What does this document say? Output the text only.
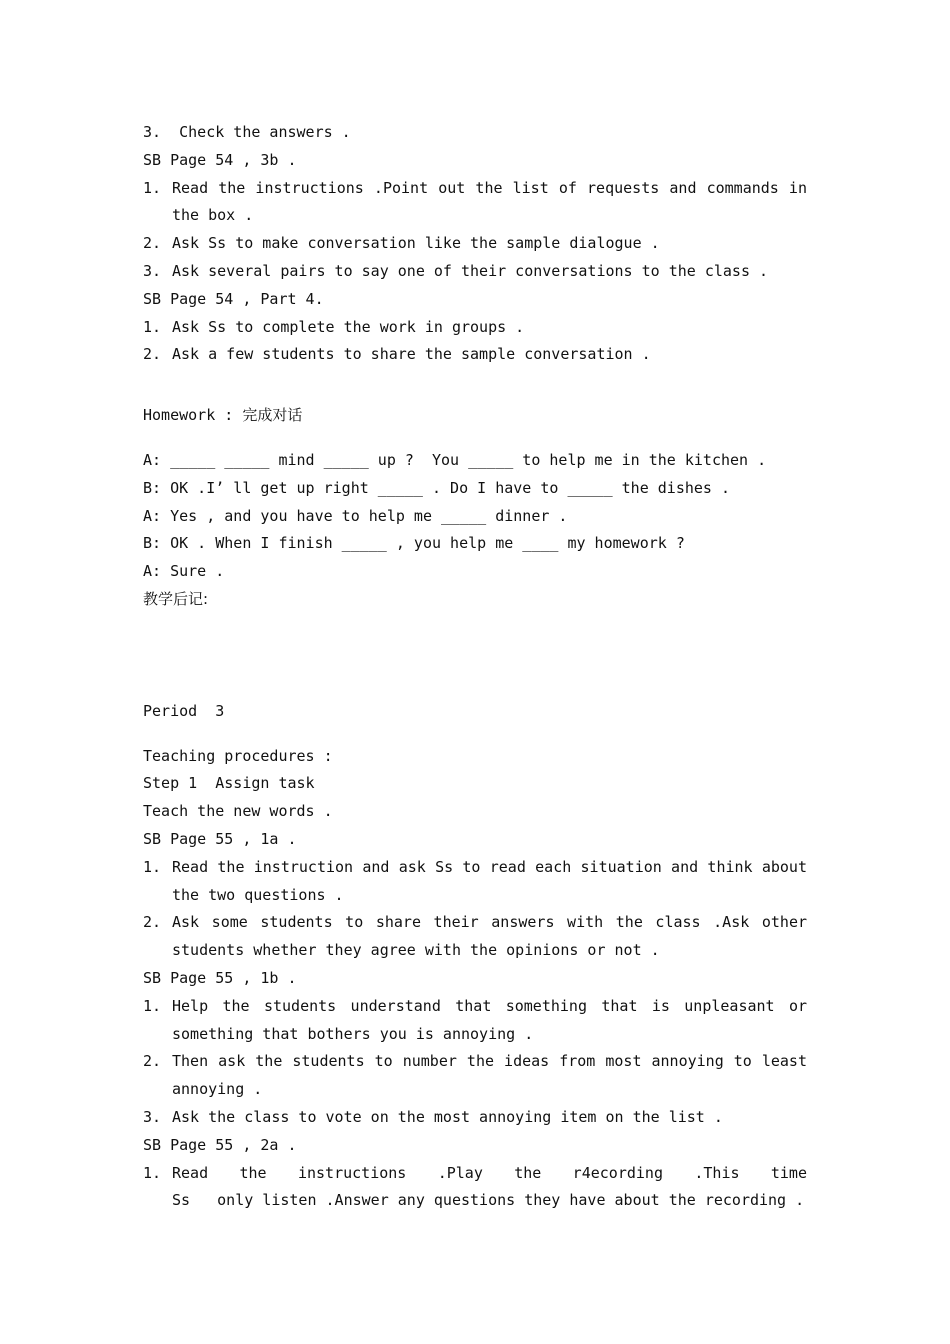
3.  Check the answers .
SB Page 54 , 3b .
1. Read the instructions .Point out the list of requests and commands in the box .
2. Ask Ss to make conversation like the sample dialogue .
3. Ask several pairs to say one of their conversations to the class .
SB Page 54 , Part 4.
1. Ask Ss to complete the work in groups .
2. Ask a few students to share the sample conversation .
Homework : 完成对话
A: _____ _____ mind _____ up ?  You _____ to help me in the kitchen .
B: OK .I’ ll get up right _____ . Do I have to _____ the dishes .
A: Yes , and you have to help me _____ dinner .
B: OK . When I finish _____ , you help me ____ my homework ?
A: Sure .
教学后记:
Period  3
Teaching procedures :
Step 1  Assign task
Teach the new words .
SB Page 55 , 1a .
1. Read the instruction and ask Ss to read each situation and think about the two questions .
2. Ask some students to share their answers with the class .Ask other students whether they agree with the opinions or not .
SB Page 55 , 1b .
1. Help the students understand that something that is unpleasant or something that bothers you is annoying .
2. Then ask the students to number the ideas from most annoying to least annoying .
3. Ask the class to vote on the most annoying item on the list .
SB Page 55 , 2a .
1. Read   the   instructions   .Play   the   r4ecording   .This   time   Ss   only listen .Answer any questions they have about the recording .
